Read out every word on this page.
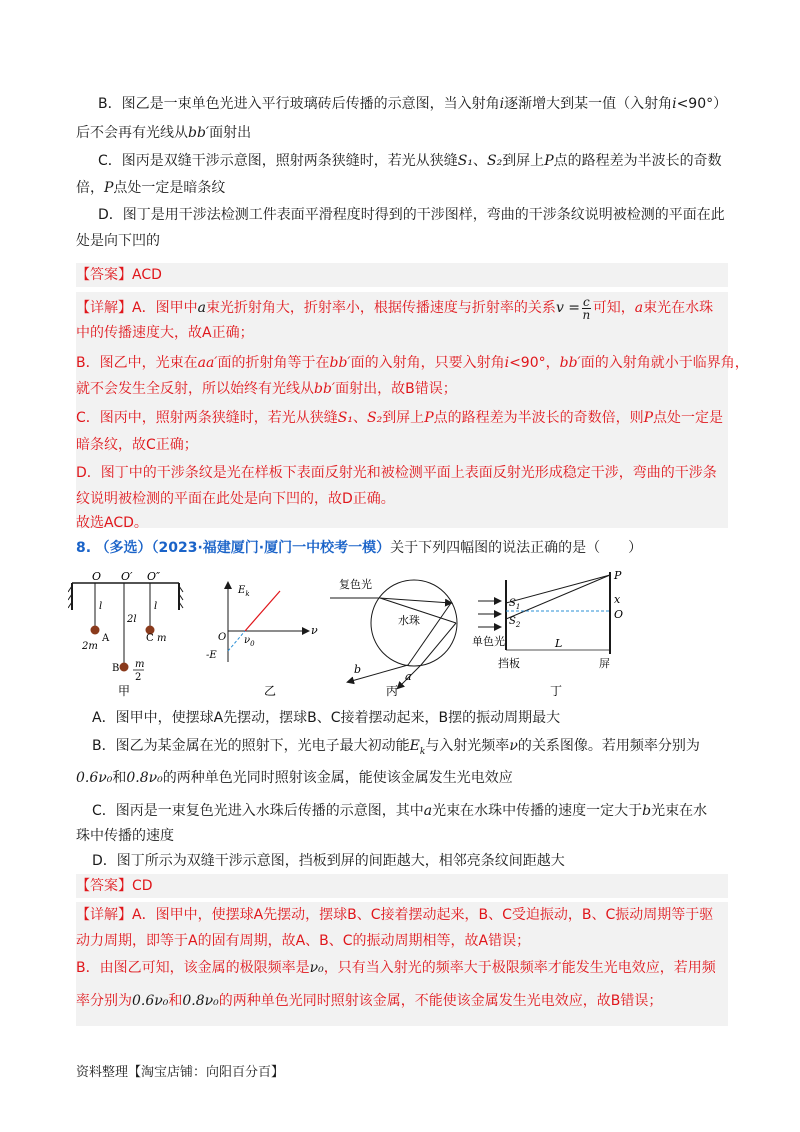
B．图乙是一束单色光进入平行玻璃砖后传播的示意图，当入射角i逐渐增大到某一值（入射角i<90°）
后不会再有光线从bb′面射出
C．图丙是双缝干涉示意图，照射两条狭缝时，若光从狭缝S₁、S₂到屏上P点的路程差为半波长的奇数
倍，P点处一定是暗条纹
D．图丁是用干涉法检测工件表面平滑程度时得到的干涉图样，弯曲的干涉条纹说明被检测的平面在此
处是向下凹的
【答案】ACD
【详解】A．图甲中a束光折射角大，折射率小，根据传播速度与折射率的关系$v = \frac{c}{n}$ 可知，a束光在水珠
中的传播速度大，故A正确；
B．图乙中，光束在aa′面的折射角等于在bb′面的入射角，只要入射角i<90°，bb′面的入射角就小于临界角，
就不会发生全反射，所以始终有光线从bb′面射出，故B错误；
C．图丙中，照射两条狭缝时，若光从狭缝S₁、S₂到屏上P点的路程差为半波长的奇数倍，则P点处一定是
暗条纹，故C正确；
D．图丁中的干涉条纹是光在样板下表面反射光和被检测平面上表面反射光形成稳定干涉，弯曲的干涉条
纹说明被检测的平面在此处是向下凹的，故D正确。
故选ACD。
8. （多选）（2023·福建厦门·厦门一中校考一模）关于下列四幅图的说法正确的是（　　）
O O′ O″
l
2l
l
A
2m
B m
2
C m
甲
$E_k$
ν
O $\nu_0$
-E
乙
复色光
水珠
b
a
丙
P
x
O
$S_1$
$S_2$
L
单色光
挡板	屏
丁
A．图甲中，使摆球A先摆动，摆球B、C接着摆动起来，B摆的振动周期最大
B．图乙为某金属在光的照射下，光电子最大初动能$E_k$与入射光频率ν的关系图像。若用频率分别为
0.6ν₀和0.8ν₀的两种单色光同时照射该金属，能使该金属发生光电效应
C．图丙是一束复色光进入水珠后传播的示意图，其中a光束在水珠中传播的速度一定大于b光束在水
珠中传播的速度
D．图丁所示为双缝干涉示意图，挡板到屏的间距越大，相邻亮条纹间距越大
【答案】CD
【详解】A．图甲中，使摆球A先摆动，摆球B、C接着摆动起来，B、C受迫振动，B、C振动周期等于驱
动力周期，即等于A的固有周期，故A、B、C的振动周期相等，故A错误；
B．由图乙可知，该金属的极限频率是ν₀，只有当入射光的频率大于极限频率才能发生光电效应，若用频
率分别为0.6ν₀和0.8ν₀的两种单色光同时照射该金属，不能使该金属发生光电效应，故B错误；
资料整理【淘宝店铺：向阳百分百】
